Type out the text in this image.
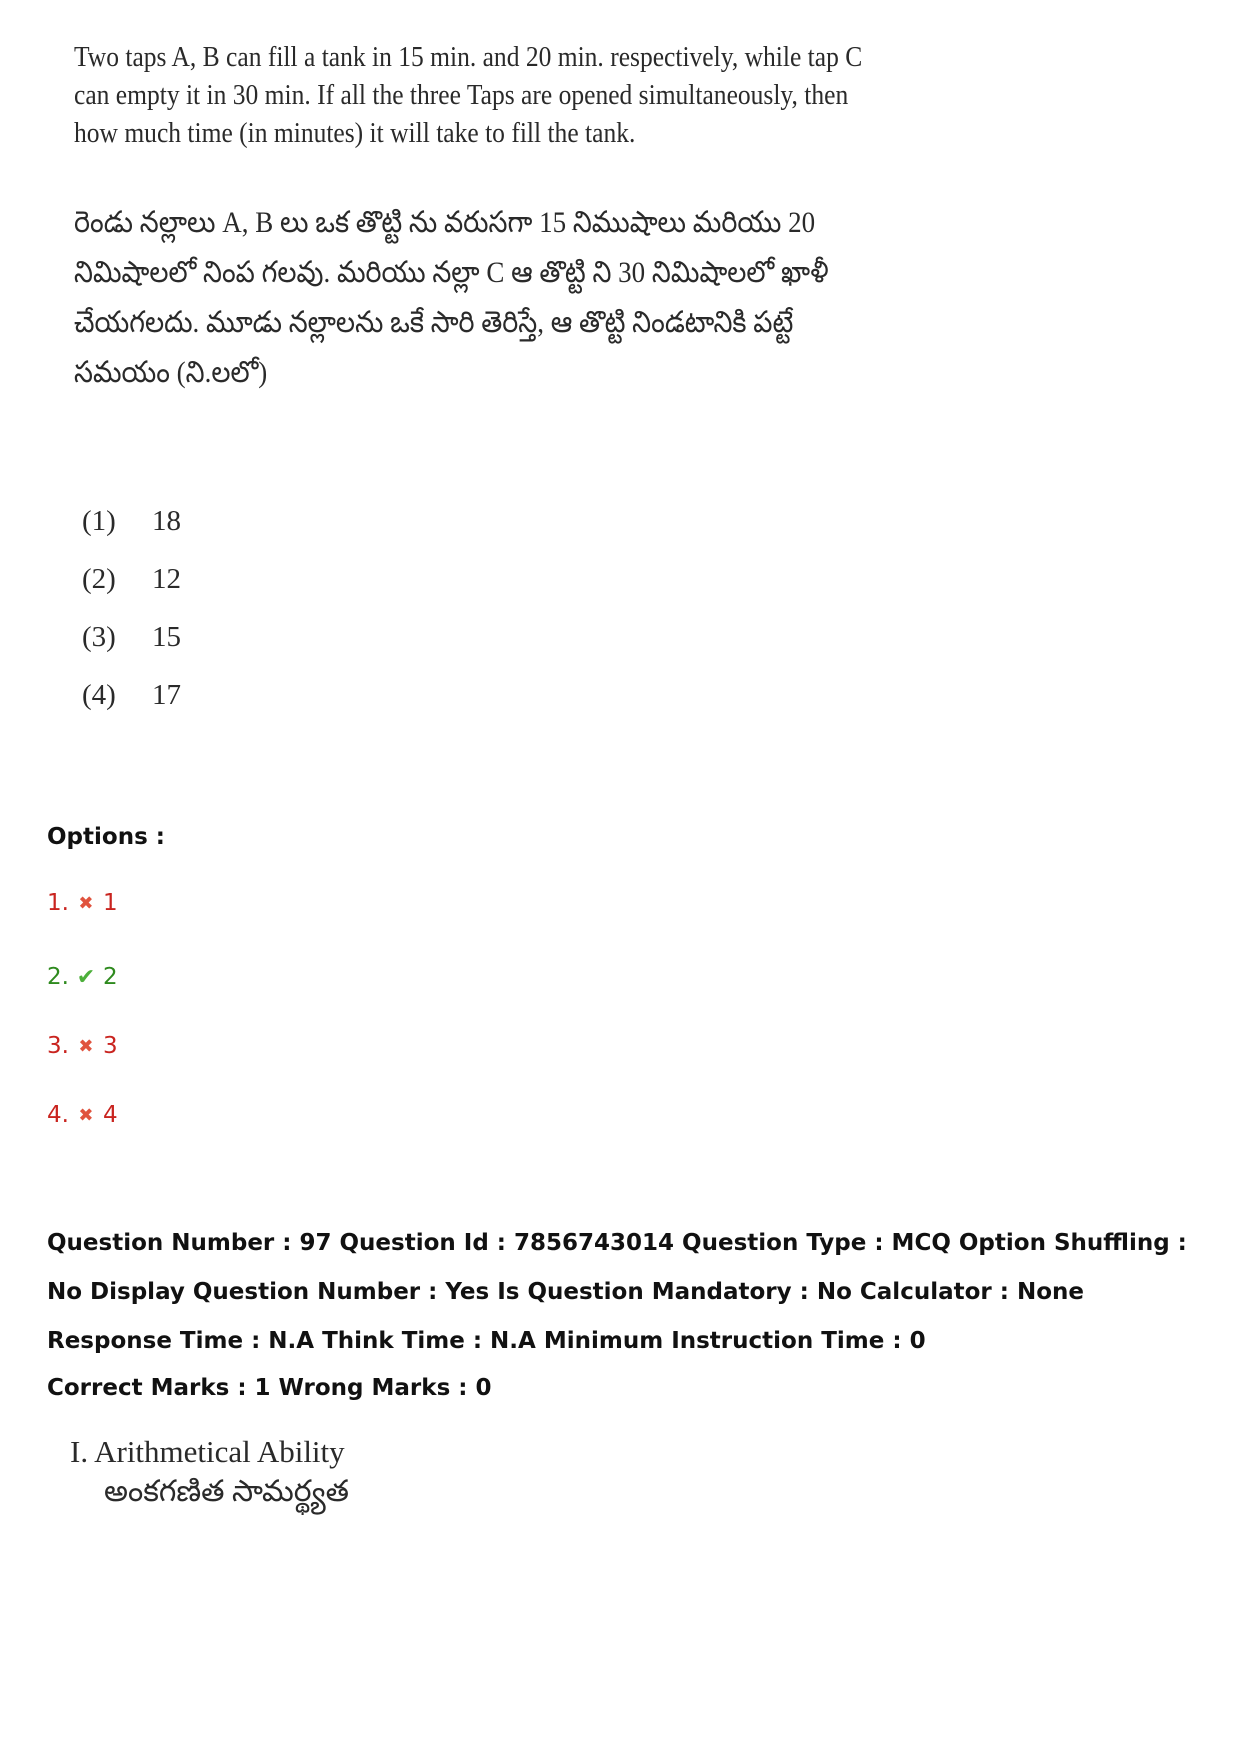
Two taps A, B can fill a tank in 15 min. and 20 min. respectively, while tap C
can empty it in 30 min. If all the three Taps are opened simultaneously, then
how much time (in minutes) it will take to fill the tank.
రెండు నల్లాలు A, B లు ఒక తొట్టి ను వరుసగా 15 నిముషాలు మరియు 20
నిమిషాలలో నింప గలవు. మరియు నల్లా C ఆ తొట్టి ని 30 నిమిషాలలో ఖాళీ
చేయగలదు. మూడు నల్లాలను ఒకే సారి తెరిస్తే, ఆ తొట్టి నిండటానికి పట్టే
సమయం (ని.లలో)
(1)	18
(2)	12
(3)	15
(4)	17
Options :
1. ✖ 1
2. ✔ 2
3. ✖ 3
4. ✖ 4
Question Number : 97 Question Id : 7856743014 Question Type : MCQ Option Shuffling : No Display Question Number : Yes Is Question Mandatory : No Calculator : None Response Time : N.A Think Time : N.A Minimum Instruction Time : 0
Correct Marks : 1 Wrong Marks : 0
I. Arithmetical Ability
అంకగణిత సామర్థ్యత
